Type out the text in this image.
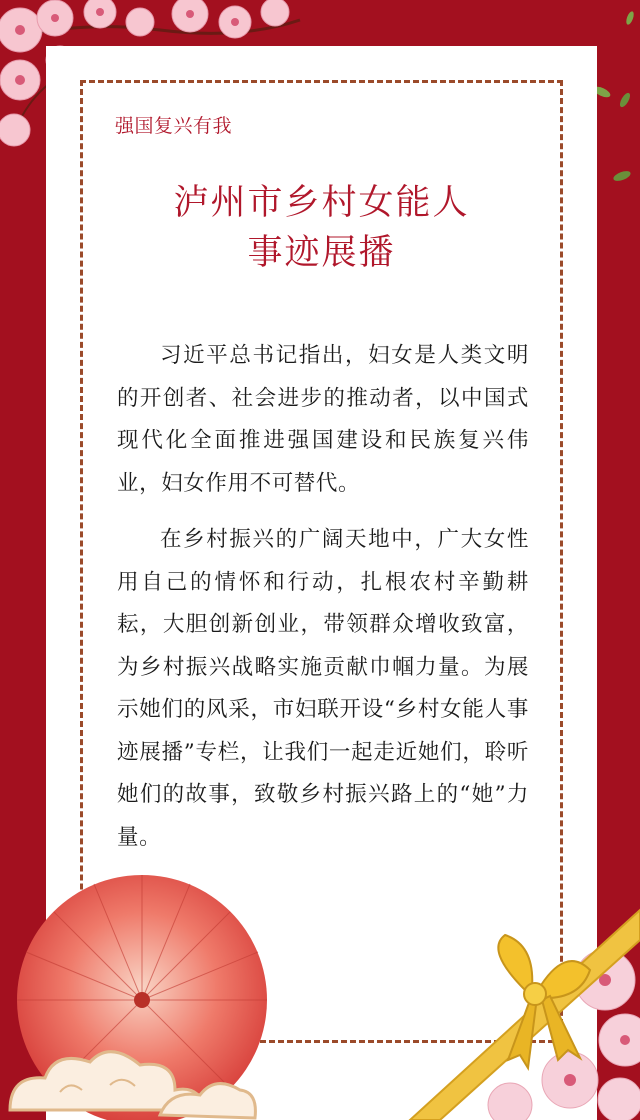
强国复兴有我
泸州市乡村女能人
事迹展播

习近平总书记指出，妇女是人类文明的开创者、社会进步的推动者，以中国式现代化全面推进强国建设和民族复兴伟业，妇女作用不可替代。

在乡村振兴的广阔天地中，广大女性用自己的情怀和行动，扎根农村辛勤耕耘，大胆创新创业，带领群众增收致富，为乡村振兴战略实施贡献巾帼力量。为展示她们的风采，市妇联开设“乡村女能人事迹展播”专栏，让我们一起走近她们，聆听她们的故事，致敬乡村振兴路上的“她”力量。
